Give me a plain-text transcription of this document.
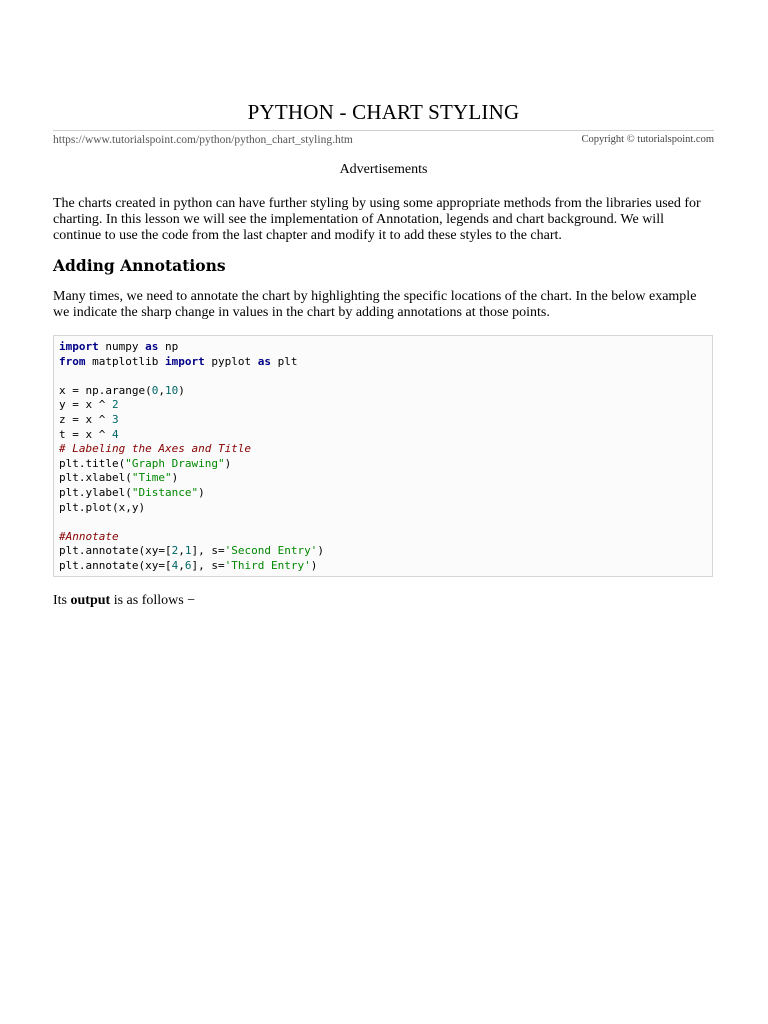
PYTHON - CHART STYLING
https://www.tutorialspoint.com/python/python_chart_styling.htm	Copyright © tutorialspoint.com
Advertisements

The charts created in python can have further styling by using some appropriate methods from the libraries used for charting. In this lesson we will see the implementation of Annotation, legends and chart background. We will continue to use the code from the last chapter and modify it to add these styles to the chart.

Adding Annotations

Many times, we need to annotate the chart by highlighting the specific locations of the chart. In the below example we indicate the sharp change in values in the chart by adding annotations at those points.

import numpy as np
from matplotlib import pyplot as plt
x = np.arange(0,10)
y = x ^ 2
z = x ^ 3
t = x ^ 4
# Labeling the Axes and Title
plt.title("Graph Drawing")
plt.xlabel("Time")
plt.ylabel("Distance")
plt.plot(x,y)
#Annotate
plt.annotate(xy=[2,1], s='Second Entry')
plt.annotate(xy=[4,6], s='Third Entry')
Its output is as follows −
